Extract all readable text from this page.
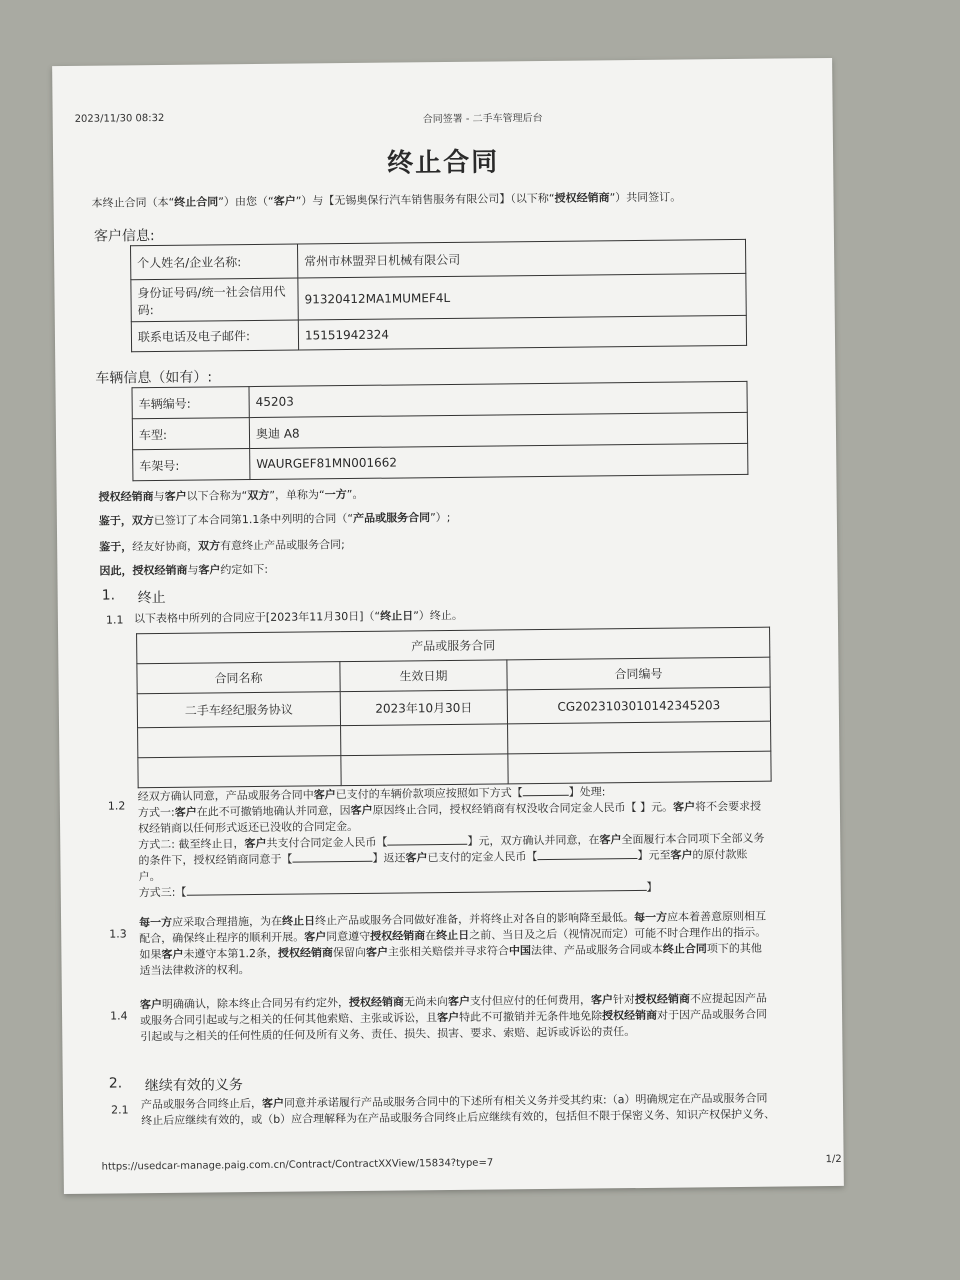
2023/11/30 08:32	合同签署 - 二手车管理后台
终止合同

本终止合同（本“终止合同”）由您（“客户”）与【无锡奥保行汽车销售服务有限公司】（以下称“授权经销商”）共同签订。

客户信息:
个人姓名/企业名称:	常州市林盟羿日机械有限公司
身份证号码/统一社会信用代码:	91320412MA1MUMEF4L
联系电话及电子邮件:	15151942324
车辆信息（如有）:
车辆编号:	45203
车型:	奥迪 A8
车架号:	WAURGEF81MN001662

授权经销商与客户以下合称为“双方”，单称为“一方”。

鉴于，双方已签订了本合同第1.1条中列明的合同（“产品或服务合同”）;

鉴于，经友好协商，双方有意终止产品或服务合同;

因此，授权经销商与客户约定如下:

1. 终止
1.1 以下表格中所列的合同应于[2023年11月30日]（“终止日”）终止。

产品或服务合同		
合同名称	生效日期	合同编号
二手车经纪服务协议	2023年10月30日	CG2023103010142345203

1.2
经双方确认同意，产品或服务合同中客户已支付的车辆价款项应按照如下方式【	】处理:
方式一:客户在此不可撤销地确认并同意，因客户原因终止合同，授权经销商有权没收合同定金人民币【 】元。客户将不会要求授
权经销商以任何形式返还已没收的合同定金。
方式二: 截至终止日，客户共支付合同定金人民币【	】元，双方确认并同意，在客户全面履行本合同项下全部义务
的条件下，授权经销商同意于【	】返还客户已支付的定金人民币【	】元至客户的原付款账
户。
方式三:【	】
1.3
每一方应采取合理措施，为在终止日终止产品或服务合同做好准备，并将终止对各自的影响降至最低。每一方应本着善意原则相互
配合，确保终止程序的顺利开展。客户同意遵守授权经销商在终止日之前、当日及之后（视情况而定）可能不时合理作出的指示。
如果客户未遵守本第1.2条，授权经销商保留向客户主张相关赔偿并寻求符合中国法律、产品或服务合同或本终止合同项下的其他
适当法律救济的权利。
1.4
客户明确确认，除本终止合同另有约定外，授权经销商无尚未向客户支付但应付的任何费用，客户针对授权经销商不应提起因产品
或服务合同引起或与之相关的任何其他索赔、主张或诉讼，且客户特此不可撤销并无条件地免除授权经销商对于因产品或服务合同
引起或与之相关的任何性质的任何及所有义务、责任、损失、损害、要求、索赔、起诉或诉讼的责任。
2. 继续有效的义务
2.1 产品或服务合同终止后，客户同意并承诺履行产品或服务合同中的下述所有相关义务并受其约束:（a）明确规定在产品或服务合同
终止后应继续有效的，或（b）应合理解释为在产品或服务合同终止后应继续有效的，包括但不限于保密义务、知识产权保护义务、
https://usedcar-manage.paig.com.cn/Contract/ContractXXView/15834?type=7	1/2
